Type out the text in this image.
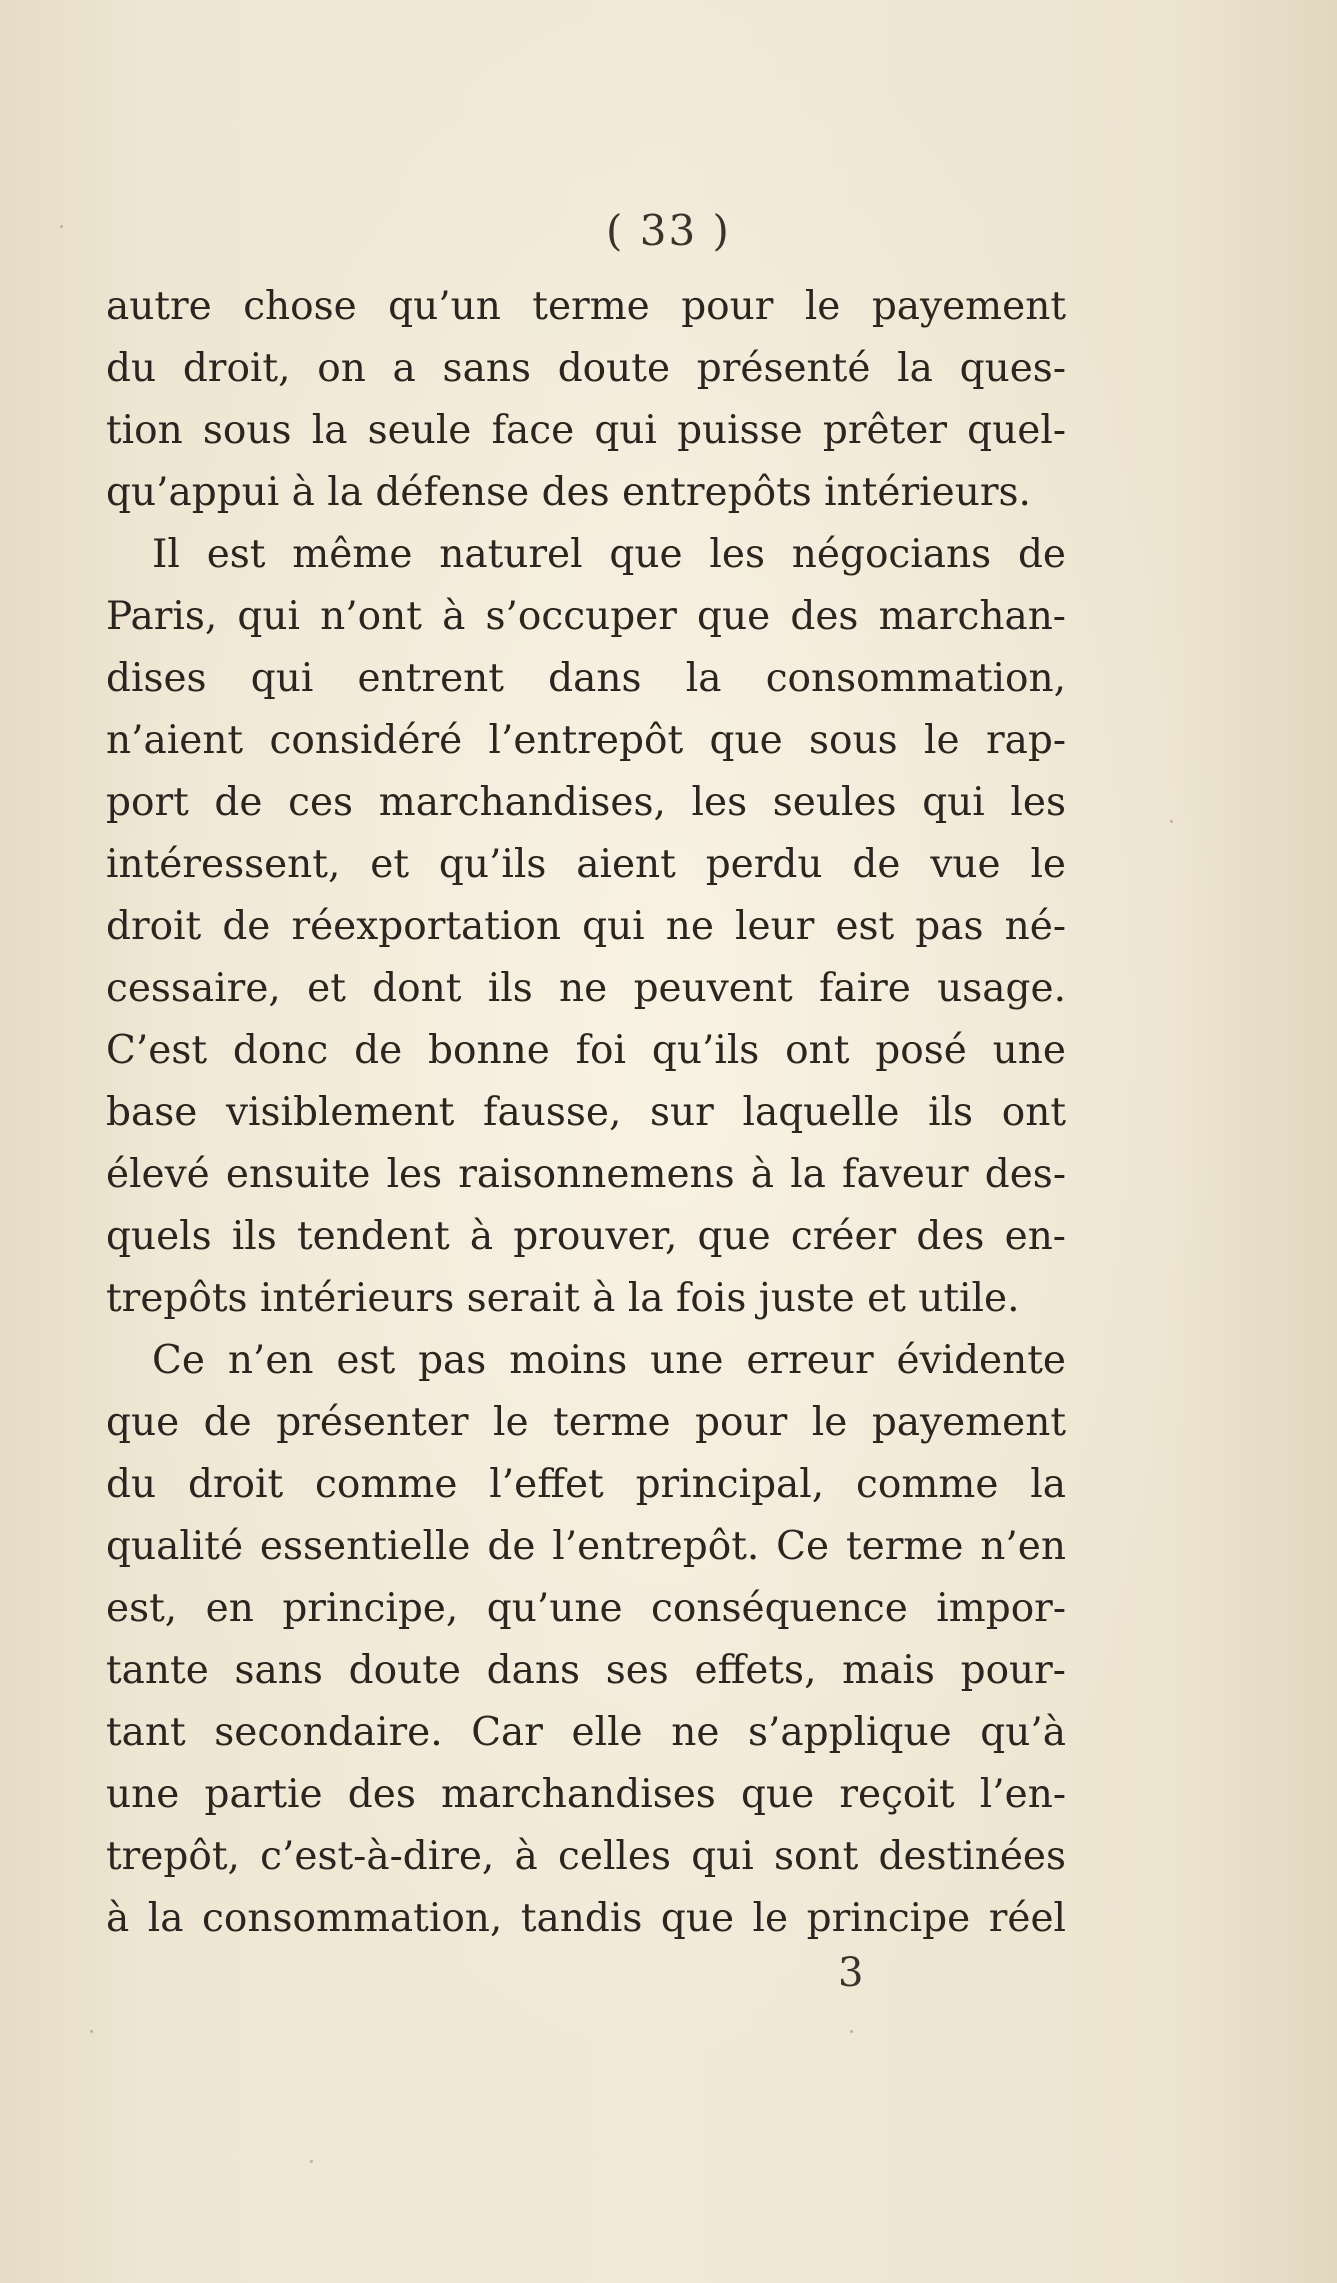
( 33 )
autre chose qu’un terme pour le payement
du droit, on a sans doute présenté la ques-
tion sous la seule face qui puisse prêter quel-
qu’appui à la défense des entrepôts intérieurs.
Il est même naturel que les négocians de
Paris, qui n’ont à s’occuper que des marchan-
dises qui entrent dans la consommation,
n’aient considéré l’entrepôt que sous le rap-
port de ces marchandises, les seules qui les
intéressent, et qu’ils aient perdu de vue le
droit de réexportation qui ne leur est pas né-
cessaire, et dont ils ne peuvent faire usage.
C’est donc de bonne foi qu’ils ont posé une
base visiblement fausse, sur laquelle ils ont
élevé ensuite les raisonnemens à la faveur des-
quels ils tendent à prouver, que créer des en-
trepôts intérieurs serait à la fois juste et utile.
Ce n’en est pas moins une erreur évidente
que de présenter le terme pour le payement
du droit comme l’effet principal, comme la
qualité essentielle de l’entrepôt. Ce terme n’en
est, en principe, qu’une conséquence impor-
tante sans doute dans ses effets, mais pour-
tant secondaire. Car elle ne s’applique qu’à
une partie des marchandises que reçoit l’en-
trepôt, c’est-à-dire, à celles qui sont destinées
à la consommation, tandis que le principe réel
3
